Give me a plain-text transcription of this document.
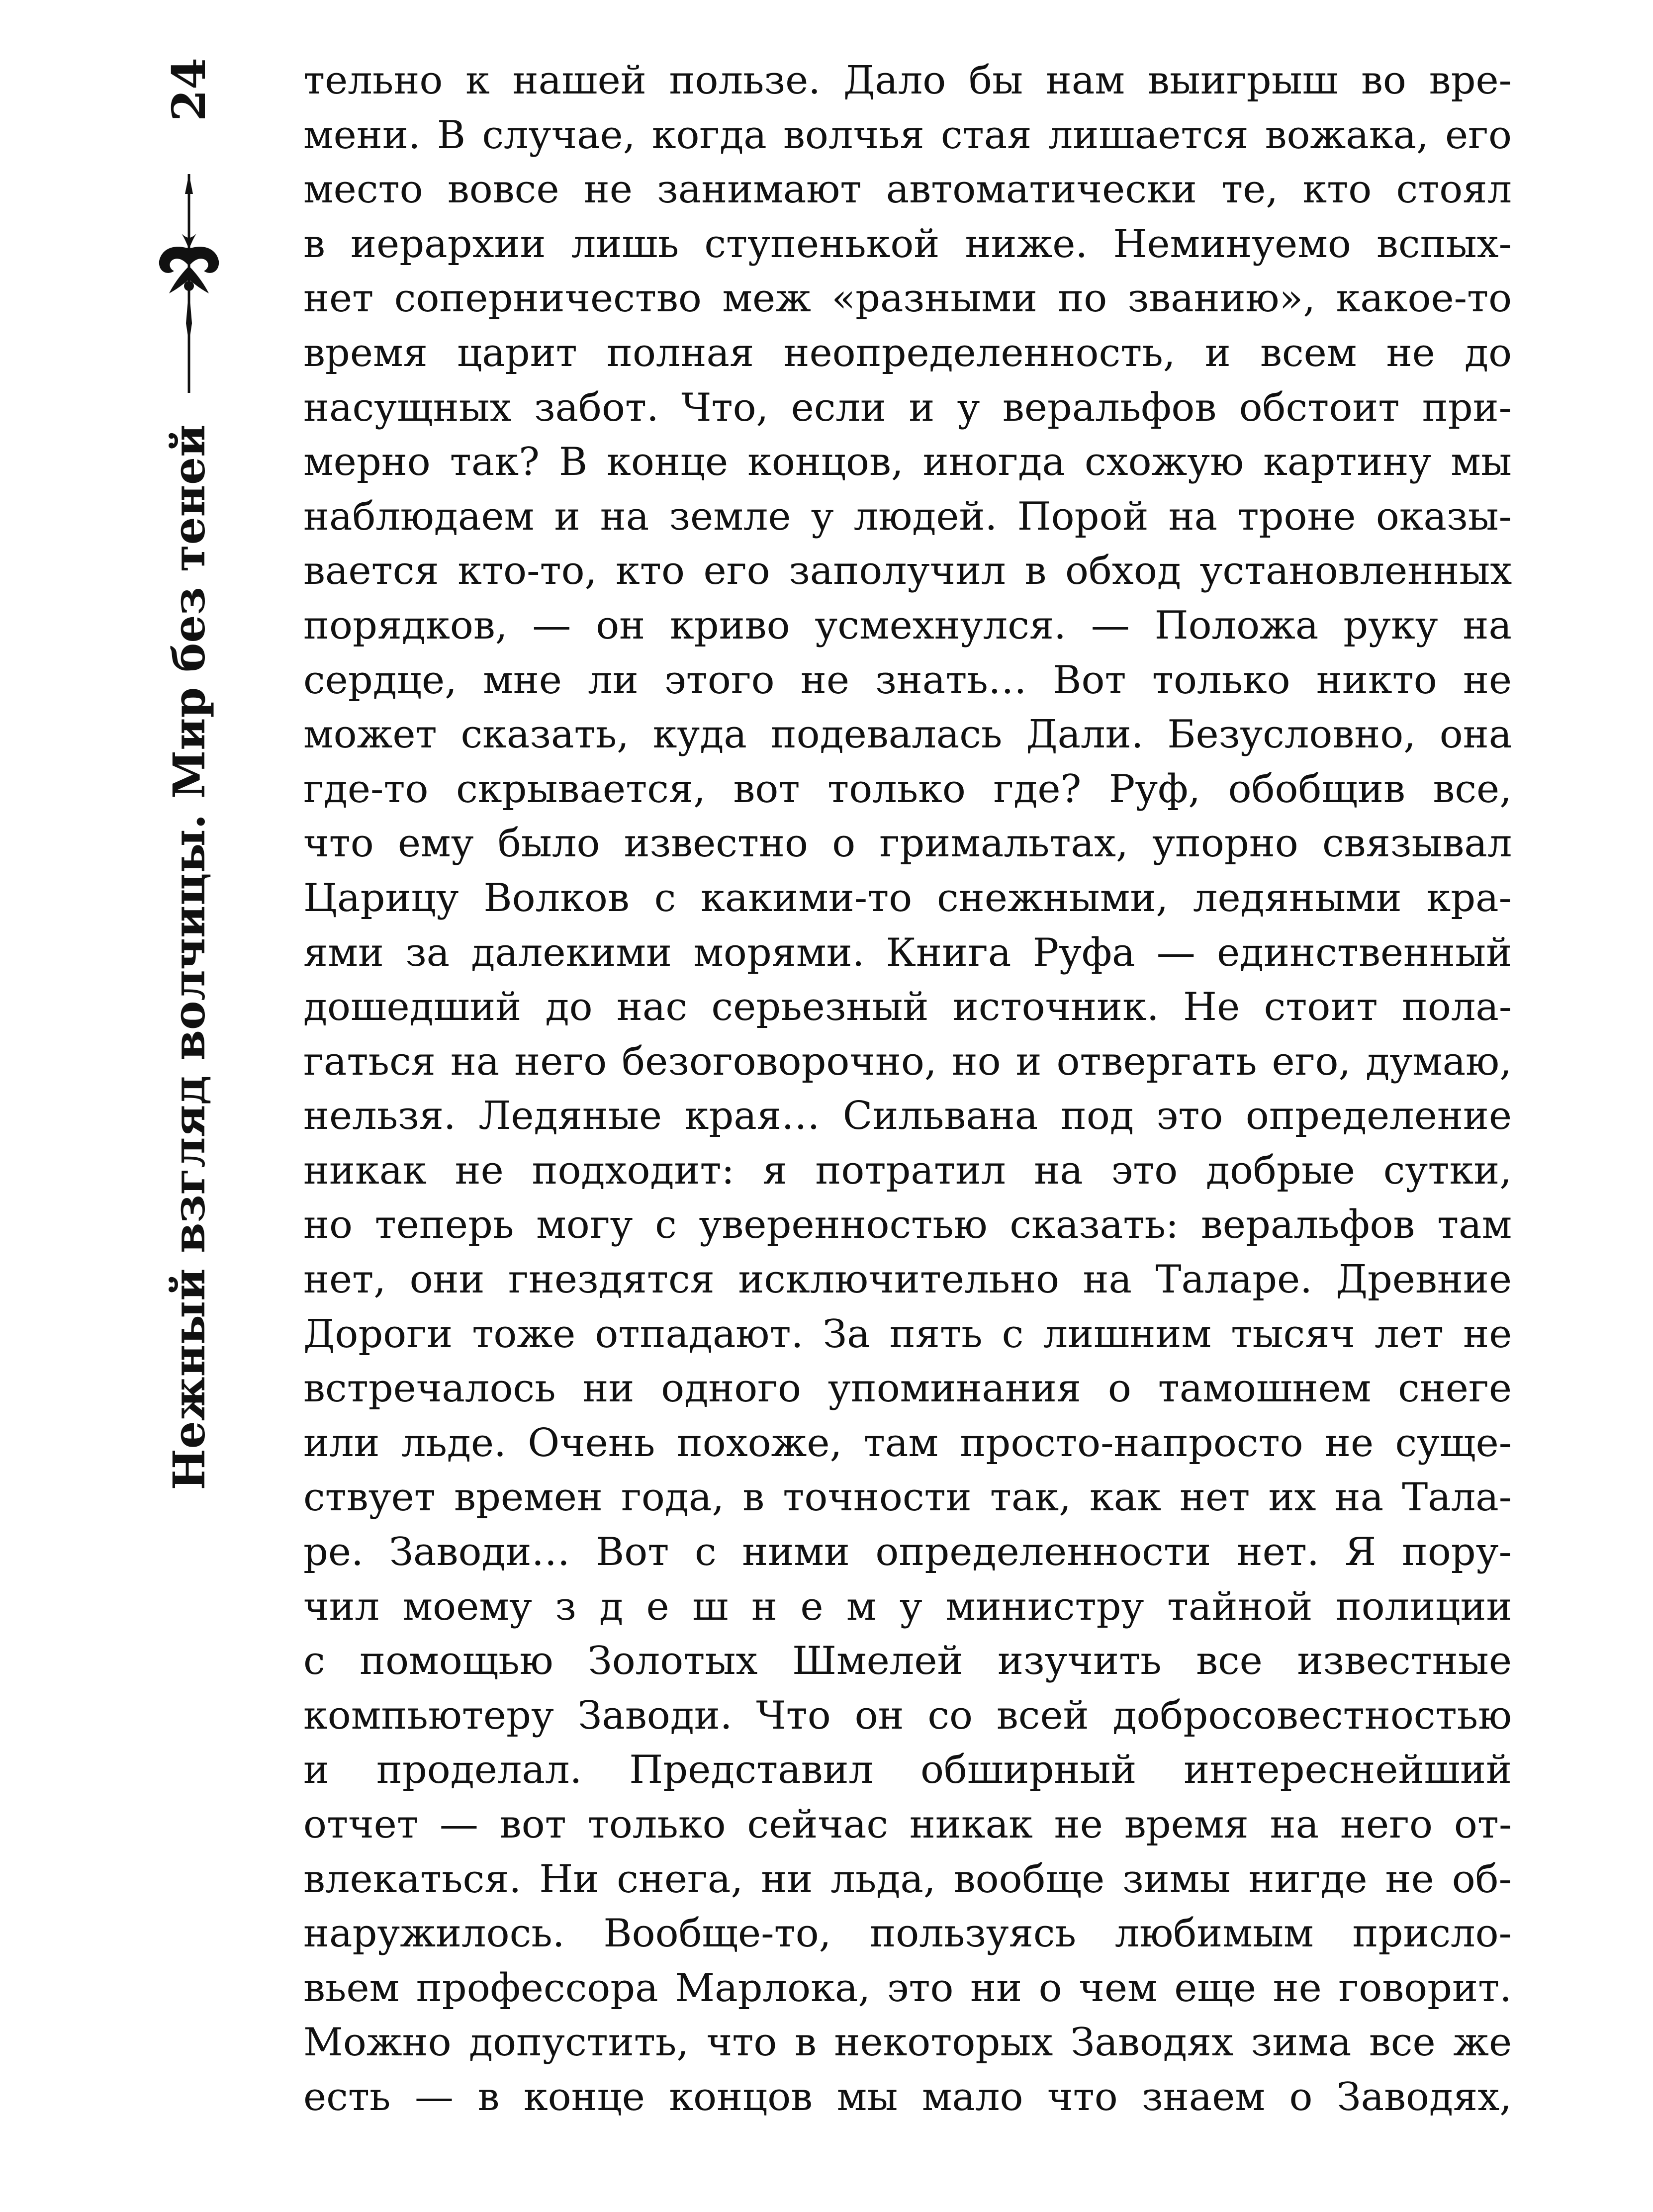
24
Нежный взгляд волчицы. Мир без теней
тельно к нашей пользе. Дало бы нам выигрыш во вре-
мени. В случае, когда волчья стая лишается вожака, его
место вовсе не занимают автоматически те, кто стоял
в иерархии лишь ступенькой ниже. Неминуемо вспых-
нет соперничество меж «разными по званию», какое-то
время царит полная неопределенность, и всем не до
насущных забот. Что, если и у веральфов обстоит при-
мерно так? В конце концов, иногда схожую картину мы
наблюдаем и на земле у людей. Порой на троне оказы-
вается кто-то, кто его заполучил в обход установленных
порядков, — он криво усмехнулся. — Положа руку на
сердце, мне ли этого не знать… Вот только никто не
может сказать, куда подевалась Дали. Безусловно, она
где-то скрывается, вот только где? Руф, обобщив все,
что ему было известно о гримальтах, упорно связывал
Царицу Волков с какими-то снежными, ледяными кра-
ями за далекими морями. Книга Руфа — единственный
дошедший до нас серьезный источник. Не стоит пола-
гаться на него безоговорочно, но и отвергать его, думаю,
нельзя. Ледяные края… Сильвана под это определение
никак не подходит: я потратил на это добрые сутки,
но теперь могу с уверенностью сказать: веральфов там
нет, они гнездятся исключительно на Таларе. Древние
Дороги тоже отпадают. За пять с лишним тысяч лет не
встречалось ни одного упоминания о тамошнем снеге
или льде. Очень похоже, там просто-напросто не суще-
ствует времен года, в точности так, как нет их на Тала-
ре. Заводи… Вот с ними определенности нет. Я пору-
чил моему з д е ш н е м у министру тайной полиции
с помощью Золотых Шмелей изучить все известные
компьютеру Заводи. Что он со всей добросовестностью
и проделал. Представил обширный интереснейший
отчет — вот только сейчас никак не время на него от-
влекаться. Ни снега, ни льда, вообще зимы нигде не об-
наружилось. Вообще-то, пользуясь любимым присло-
вьем профессора Марлока, это ни о чем еще не говорит.
Можно допустить, что в некоторых Заводях зима все же
есть — в конце концов мы мало что знаем о Заводях,
